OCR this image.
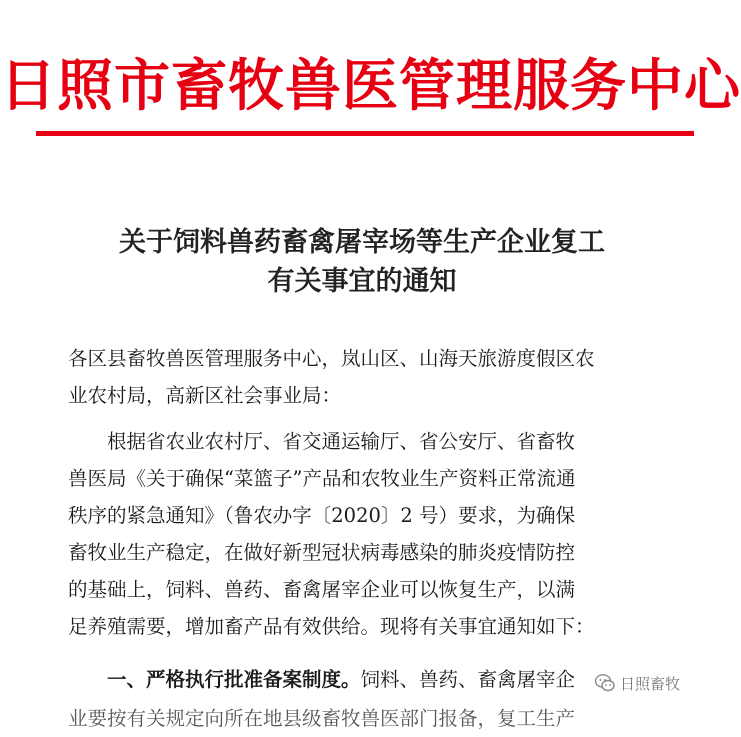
日照市畜牧兽医管理服务中心
关于饲料兽药畜禽屠宰场等生产企业复工
有关事宜的通知

各区县畜牧兽医管理服务中心，岚山区、山海天旅游度假区农

业农村局，高新区社会事业局：

根据省农业农村厅、省交通运输厅、省公安厅、省畜牧

兽医局《关于确保“菜篮子”产品和农牧业生产资料正常流通

秩序的紧急通知》（鲁农办字〔2020〕2 号）要求，为确保

畜牧业生产稳定，在做好新型冠状病毒感染的肺炎疫情防控

的基础上，饲料、兽药、畜禽屠宰企业可以恢复生产，以满

足养殖需要，增加畜产品有效供给。现将有关事宜通知如下：

一、严格执行批准备案制度。饲料、兽药、畜禽屠宰企
业要按有关规定向所在地县级畜牧兽医部门报备，复工生产
日照畜牧
